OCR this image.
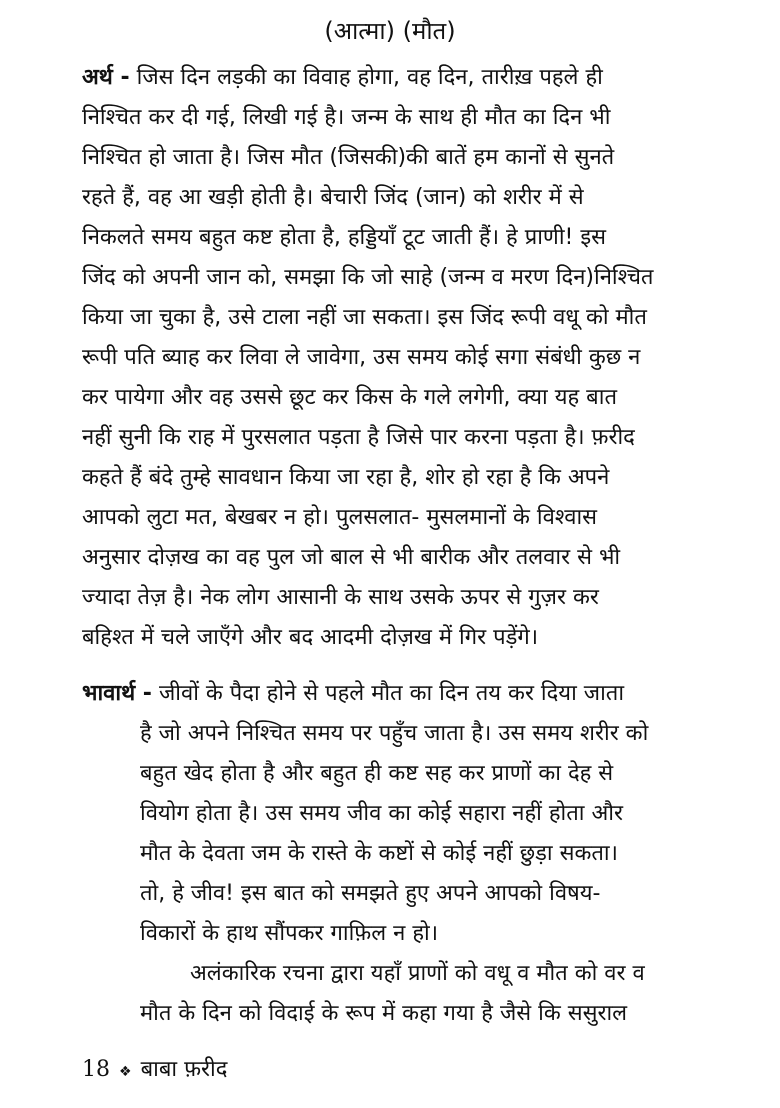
(आत्मा) (मौत)
अर्थ - जिस दिन लड़की का विवाह होगा, वह दिन, तारीख़ पहले ही
निश्चित कर दी गई, लिखी गई है। जन्म के साथ ही मौत का दिन भी
निश्चित हो जाता है। जिस मौत (जिसकी)की बातें हम कानों से सुनते
रहते हैं, वह आ खड़ी होती है। बेचारी जिंद (जान) को शरीर में से
निकलते समय बहुत कष्ट होता है, हड्डियाँ टूट जाती हैं। हे प्राणी! इस
जिंद को अपनी जान को, समझा कि जो साहे (जन्म व मरण दिन)निश्चित
किया जा चुका है, उसे टाला नहीं जा सकता। इस जिंद रूपी वधू को मौत
रूपी पति ब्याह कर लिवा ले जावेगा, उस समय कोई सगा संबंधी कुछ न
कर पायेगा और वह उससे छूट कर किस के गले लगेगी, क्या यह बात
नहीं सुनी कि राह में पुरसलात पड़ता है जिसे पार करना पड़ता है। फ़रीद
कहते हैं बंदे तुम्हे सावधान किया जा रहा है, शोर हो रहा है कि अपने
आपको लुटा मत, बेखबर न हो। पुलसलात- मुसलमानों के विश्वास
अनुसार दोज़ख का वह पुल जो बाल से भी बारीक और तलवार से भी
ज्यादा तेज़ है। नेक लोग आसानी के साथ उसके ऊपर से गुज़र कर
बहिश्त में चले जाएँगे और बद आदमी दोज़ख में गिर पड़ेंगे।
भावार्थ - जीवों के पैदा होने से पहले मौत का दिन तय कर दिया जाता
है जो अपने निश्चित समय पर पहुँच जाता है। उस समय शरीर को
बहुत खेद होता है और बहुत ही कष्ट सह कर प्राणों का देह से
वियोग होता है। उस समय जीव का कोई सहारा नहीं होता और
मौत के देवता जम के रास्ते के कष्टों से कोई नहीं छुड़ा सकता।
तो, हे जीव! इस बात को समझते हुए अपने आपको विषय-
विकारों के हाथ सौंपकर गाफ़िल न हो।
अलंकारिक रचना द्वारा यहाँ प्राणों को वधू व मौत को वर व
मौत के दिन को विदाई के रूप में कहा गया है जैसे कि ससुराल
18 ❖ बाबा फ़रीद
